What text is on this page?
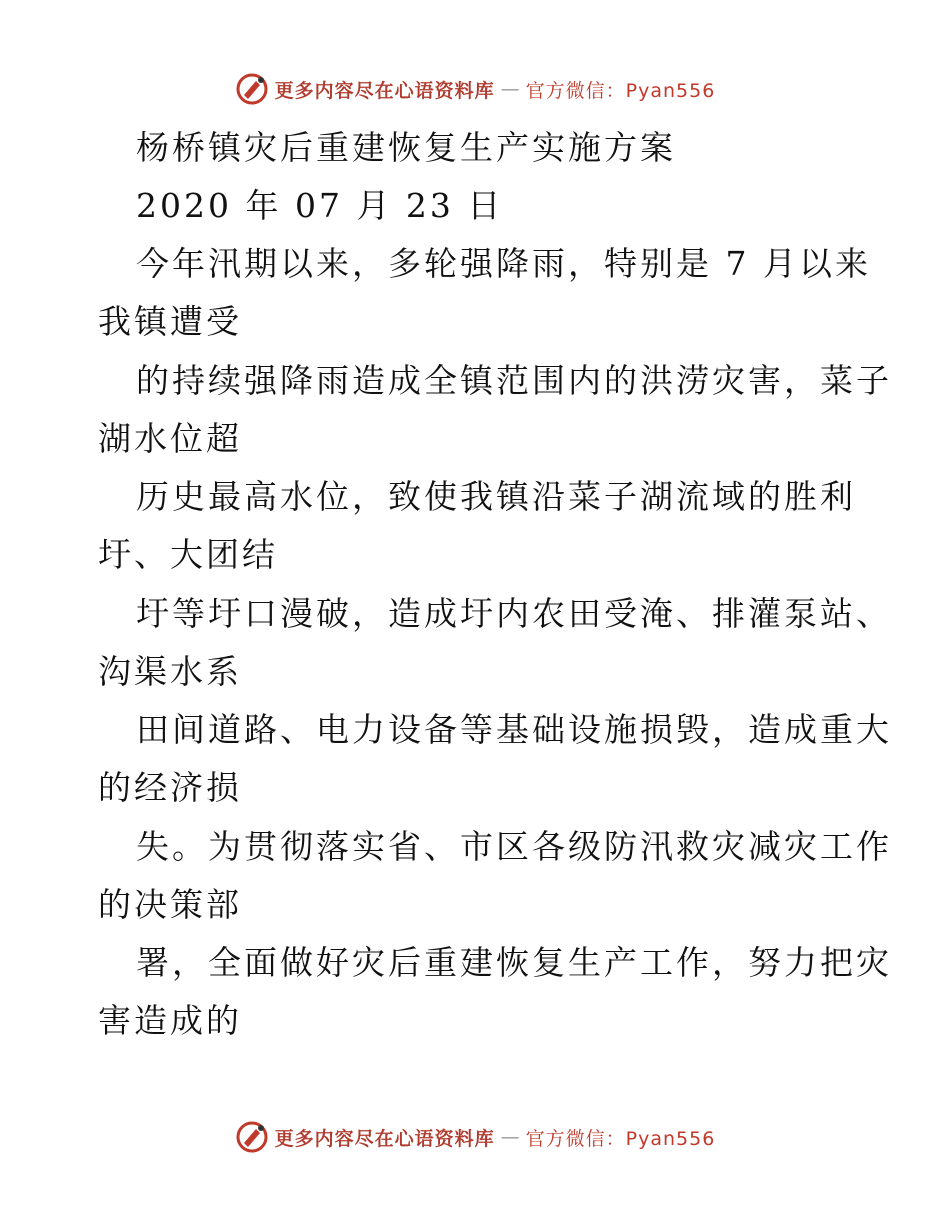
更多内容尽在心语资料库 — 官方微信：Pyan556
杨桥镇灾后重建恢复生产实施方案
2020 年 07 月 23 日
今年汛期以来，多轮强降雨，特别是 7 月以来
我镇遭受
的持续强降雨造成全镇范围内的洪涝灾害，菜子
湖水位超
历史最高水位，致使我镇沿菜子湖流域的胜利
圩、大团结
圩等圩口漫破，造成圩内农田受淹、排灌泵站、
沟渠水系
田间道路、电力设备等基础设施损毁，造成重大
的经济损
失。为贯彻落实省、市区各级防汛救灾减灾工作
的决策部
署，全面做好灾后重建恢复生产工作，努力把灾
害造成的
更多内容尽在心语资料库 — 官方微信：Pyan556
